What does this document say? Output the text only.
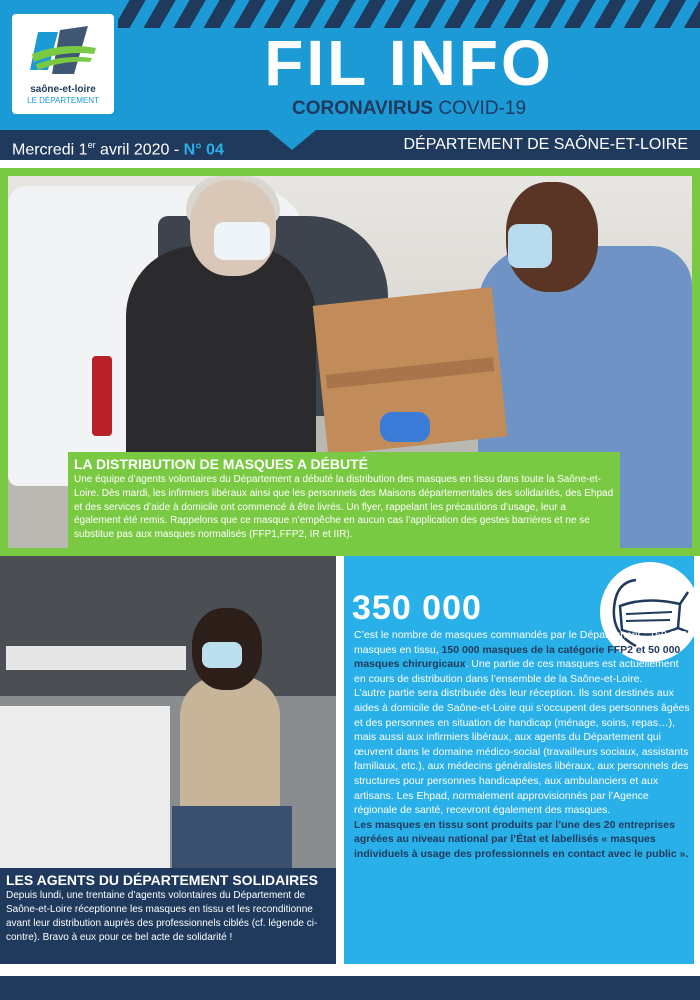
saône-et-loire
LE DÉPARTEMENT
FIL INFO
CORONAVIRUS COVID-19
Mercredi 1er avril 2020 - N° 04	DÉPARTEMENT DE SAÔNE-ET-LOIRE
LA DISTRIBUTION DE MASQUES A DÉBUTÉ
Une équipe d’agents volontaires du Département a débuté la distribution des masques en tissu dans toute la Saône-et-Loire. Dès mardi, les infirmiers libéraux ainsi que les personnels des Maisons départementales des solidarités, des Ehpad et des services d’aide à domicile ont commencé à être livrés. Un flyer, rappelant les précautions d’usage, leur a également été remis. Rappelons que ce masque n’empêche en aucun cas l’application des gestes barrières et ne se substitue pas aux masques normalisés (FFP1,FFP2, IR et IIR).
LES AGENTS DU DÉPARTEMENT SOLIDAIRES
Depuis lundi, une trentaine d’agents volontaires du Département de Saône-et-Loire réceptionne les masques en tissu et les reconditionne avant leur distribution auprès des professionnels ciblés (cf. légende ci-contre). Bravo à eux pour ce bel acte de solidarité !
350 000

C’est le nombre de masques commandés par le Département : 150 000 masques en tissu, 150 000 masques de la catégorie FFP2 et 50 000 masques chirurgicaux. Une partie de ces masques est actuellement en cours de distribution dans l’ensemble de la Saône-et-Loire.

L’autre partie sera distribuée dès leur réception. Ils sont destinés aux aides à domicile de Saône-et-Loire qui s’occupent des personnes âgées et des personnes en situation de handicap (ménage, soins, repas…), mais aussi aux infirmiers libéraux, aux agents du Département qui œuvrent dans le domaine médico-social (travailleurs sociaux, assistants familiaux, etc.), aux médecins généralistes libéraux, aux personnels des structures pour personnes handicapées, aux ambulanciers et aux artisans. Les Ehpad, normalement approvisionnés par l’Agence régionale de santé, recevront également des masques.

Les masques en tissu sont produits par l’une des 20 entreprises agréées au niveau national par l’État et labellisés « masques individuels à usage des professionnels en contact avec le public ».
